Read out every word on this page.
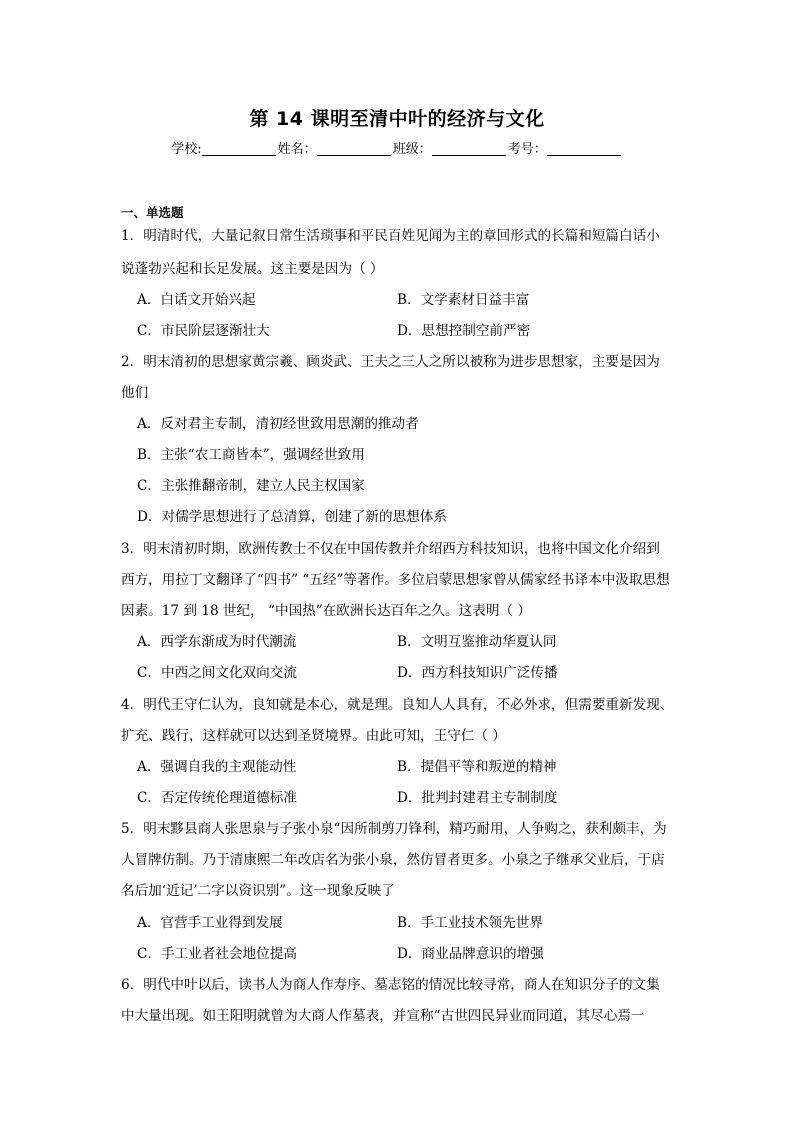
第 14 课明至清中叶的经济与文化
学校:	姓名：	班级：	考号：
一、单选题
1．明清时代，大量记叙日常生活琐事和平民百姓见闻为主的章回形式的长篇和短篇白话小
说蓬勃兴起和长足发展。这主要是因为（ ）
A．白话文开始兴起	B．文学素材日益丰富
C．市民阶层逐渐壮大	D．思想控制空前严密
2．明末清初的思想家黄宗羲、顾炎武、王夫之三人之所以被称为进步思想家，主要是因为
他们
A．反对君主专制，清初经世致用思潮的推动者
B．主张“农工商皆本”，强调经世致用
C．主张推翻帝制，建立人民主权国家
D．对儒学思想进行了总清算，创建了新的思想体系
3．明末清初时期，欧洲传教士不仅在中国传教并介绍西方科技知识，也将中国文化介绍到
西方，用拉丁文翻译了“四书” “五经”等著作。多位启蒙思想家曾从儒家经书译本中汲取思想
因素。17 到 18 世纪， “中国热”在欧洲长达百年之久。这表明（ ）
A．西学东渐成为时代潮流	B．文明互鉴推动华夏认同
C．中西之间文化双向交流	D．西方科技知识广泛传播
4．明代王守仁认为，良知就是本心，就是理。良知人人具有，不必外求，但需要重新发现、
扩充、践行，这样就可以达到圣贤境界。由此可知，王守仁（ ）
A．强调自我的主观能动性	B．提倡平等和叛逆的精神
C．否定传统伦理道德标准	D．批判封建君主专制制度
5．明末黟县商人张思泉与子张小泉“因所制剪刀锋利，精巧耐用，人争购之，获利颇丰，为
人冒牌仿制。乃于清康熙二年改店名为张小泉，然仿冒者更多。小泉之子继承父业后，于店
名后加‘近记’二字以资识别”。这一现象反映了
A．官营手工业得到发展	B．手工业技术领先世界
C．手工业者社会地位提高	D．商业品牌意识的增强
6．明代中叶以后，读书人为商人作寿序、墓志铭的情况比较寻常，商人在知识分子的文集
中大量出现。如王阳明就曾为大商人作墓表，并宣称“古世四民异业而同道，其尽心焉一
